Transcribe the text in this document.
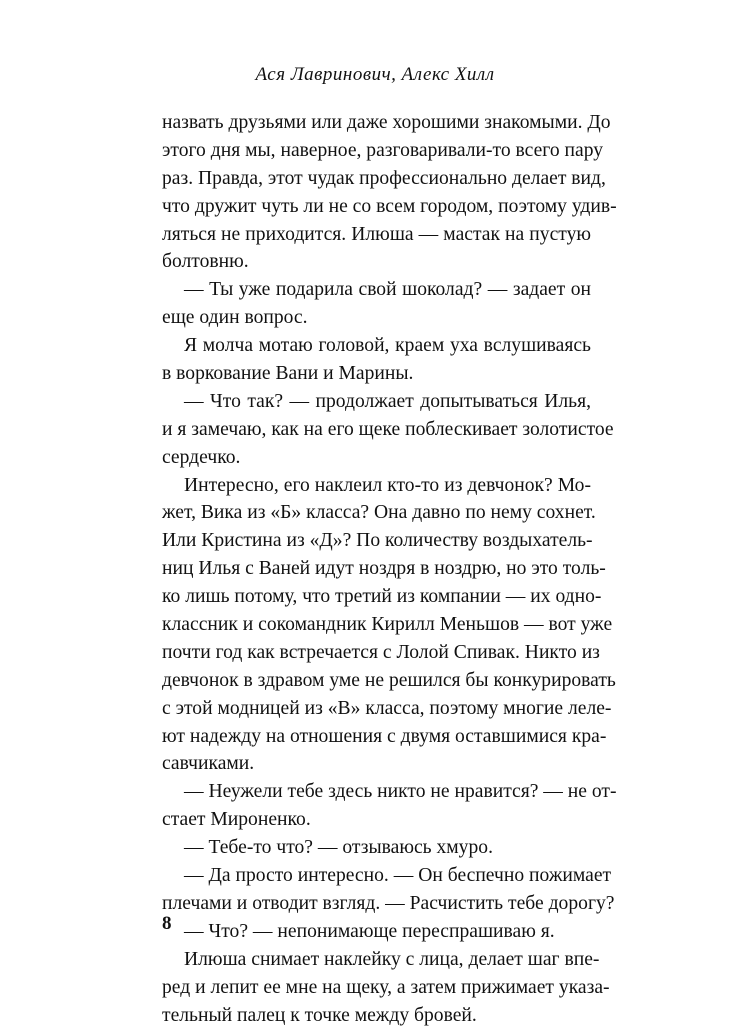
Ася Лавринович, Алекс Хилл
назвать друзьями или даже хорошими знакомыми. До
этого дня мы, наверное, разговаривали-то всего пару
раз. Правда, этот чудак профессионально делает вид,
что дружит чуть ли не со всем городом, поэтому удив-
ляться не приходится. Илюша — мастак на пустую
болтовню.
— Ты уже подарила свой шоколад? — задает он
еще один вопрос.
Я молча мотаю головой, краем уха вслушиваясь
в воркование Вани и Марины.
— Что так? — продолжает допытываться Илья,
и я замечаю, как на его щеке поблескивает золотистое
сердечко.
Интересно, его наклеил кто-то из девчонок? Мо-
жет, Вика из «Б» класса? Она давно по нему сохнет.
Или Кристина из «Д»? По количеству воздыхатель-
ниц Илья с Ваней идут ноздря в ноздрю, но это толь-
ко лишь потому, что третий из компании — их одно-
классник и сокомандник Кирилл Меньшов — вот уже
почти год как встречается с Лолой Спивак. Никто из
девчонок в здравом уме не решился бы конкурировать
с этой модницей из «В» класса, поэтому многие леле-
ют надежду на отношения с двумя оставшимися кра-
савчиками.
— Неужели тебе здесь никто не нравится? — не от-
стает Мироненко.
— Тебе-то что? — отзываюсь хмуро.
— Да просто интересно. — Он беспечно пожимает
плечами и отводит взгляд. — Расчистить тебе дорогу?
— Что? — непонимающе переспрашиваю я.
Илюша снимает наклейку с лица, делает шаг впе-
ред и лепит ее мне на щеку, а затем прижимает указа-
тельный палец к точке между бровей.
8
